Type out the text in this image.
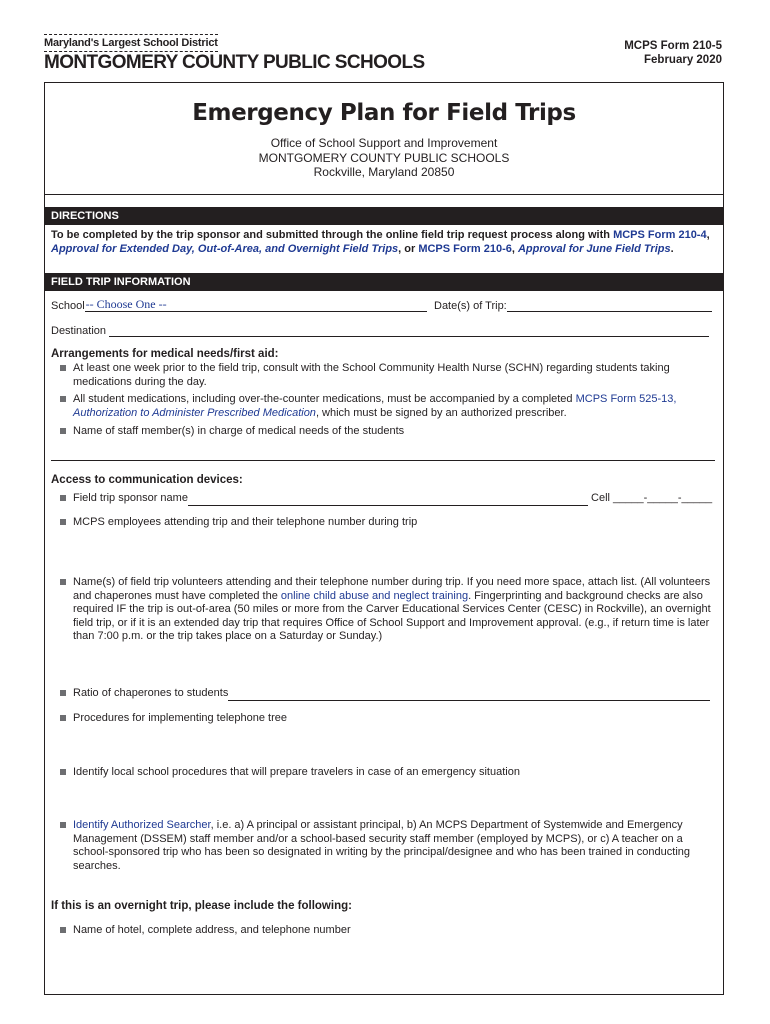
Maryland's Largest School District
MONTGOMERY COUNTY PUBLIC SCHOOLS
MCPS Form 210-5
February 2020
Emergency Plan for Field Trips
Office of School Support and Improvement
MONTGOMERY COUNTY PUBLIC SCHOOLS
Rockville, Maryland 20850
DIRECTIONS
To be completed by the trip sponsor and submitted through the online field trip request process along with MCPS Form 210-4, Approval for Extended Day, Out-of-Area, and Overnight Field Trips, or MCPS Form 210-6, Approval for June Field Trips.
FIELD TRIP INFORMATION
School -- Choose One --	Date(s) of Trip:
Destination
Arrangements for medical needs/first aid:
At least one week prior to the field trip, consult with the School Community Health Nurse (SCHN) regarding students taking medications during the day.
All student medications, including over-the-counter medications, must be accompanied by a completed MCPS Form 525-13, Authorization to Administer Prescribed Medication, which must be signed by an authorized prescriber.
Name of staff member(s) in charge of medical needs of the students
Access to communication devices:
Field trip sponsor name	Cell _____-_____-_____
MCPS employees attending trip and their telephone number during trip
Name(s) of field trip volunteers attending and their telephone number during trip. If you need more space, attach list. (All volunteers and chaperones must have completed the online child abuse and neglect training. Fingerprinting and background checks are also required IF the trip is out-of-area (50 miles or more from the Carver Educational Services Center (CESC) in Rockville), an overnight field trip, or if it is an extended day trip that requires Office of School Support and Improvement approval. (e.g., if return time is later than 7:00 p.m. or the trip takes place on a Saturday or Sunday.)
Ratio of chaperones to students
Procedures for implementing telephone tree
Identify local school procedures that will prepare travelers in case of an emergency situation
Identify Authorized Searcher, i.e. a) A principal or assistant principal, b) An MCPS Department of Systemwide and Emergency Management (DSSEM) staff member and/or a school-based security staff member (employed by MCPS), or c) A teacher on a school-sponsored trip who has been so designated in writing by the principal/designee and who has been trained in conducting searches.
If this is an overnight trip, please include the following:
Name of hotel, complete address, and telephone number
